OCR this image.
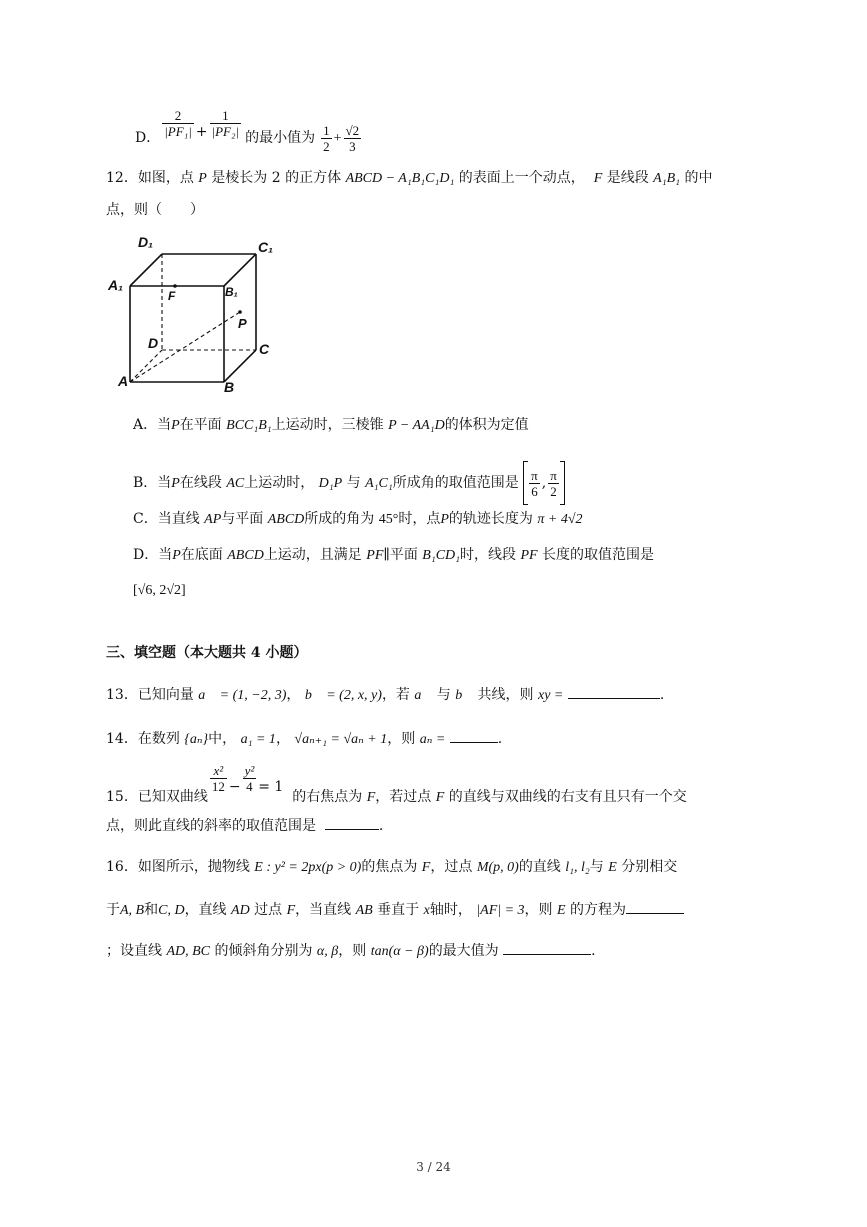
D． $\frac{2}{\text{|PF₁|}} + \frac{1}{\text{|PF₂|}}$ 的最小值为 $\frac{1}{2} + \frac{√2}{3}$
12．如图，点 P 是棱长为 2 的正方体 ABCD − A₁B₁C₁D₁ 的表面上一个动点， F 是线段 A₁B₁ 的中
点，则（　　）
D₁	C₁
A₁	B₁
F
P
D	C
A	B
A．当P在平面 BCC₁B₁上运动时，三棱锥 P − AA₁D的体积为定值
B．当P在线段 AC上运动时， D₁P 与 A₁C₁所成角的取值范围是 $\frac{\pi}{6}$ , $\frac{\pi}{2}$
C．当直线 AP与平面 ABCD所成的角为 45°时，点P的轨迹长度为 π + 4√2
D．当P在底面 ABCD上运动，且满足 PF∥平面 B₁CD₁时，线段 PF 长度的取值范围是
[√6, 2√2]
三、填空题（本大题共 4 小题）
13．已知向量 a⃗ = (1, −2, 3)， b⃗ = (2, x, y)，若 a⃗ 与 b⃗ 共线，则 xy =	.
14．在数列 {aₙ}中， a₁ = 1， √aₙ₊₁ = √aₙ + 1，则 aₙ =	.
15．已知双曲线
$\frac{\text{x²}}{12} - \frac{\text{y²}}{4} = 1$  的右焦点为 F，若过点 F 的直线与双曲线的右支有且只有一个交
点，则此直线的斜率的取值范围是	.
16．如图所示，抛物线 E : y² = 2px(p > 0)的焦点为 F，过点 M(p, 0)的直线 l₁, l₂与 E 分别相交
于A, B和C, D，直线 AD 过点 F，当直线 AB 垂直于 x轴时， |AF| = 3，则 E 的方程为
；设直线 AD, BC 的倾斜角分别为 α, β，则 tan(α − β)的最大值为	.
3 / 24
